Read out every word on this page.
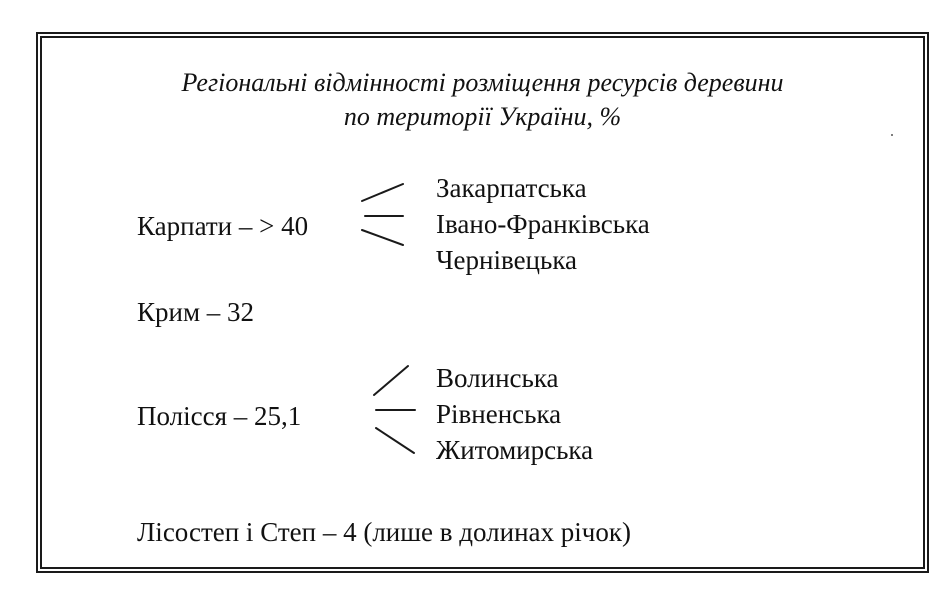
Регіональні відмінності розміщення ресурсів деревини
по території України, %
Карпати – > 40
Закарпатська
Івано-Франківська
Чернівецька
Крим – 32
Полісся – 25,1
Волинська
Рівненська
Житомирська
Лісостеп і Степ – 4 (лише в долинах річок)
